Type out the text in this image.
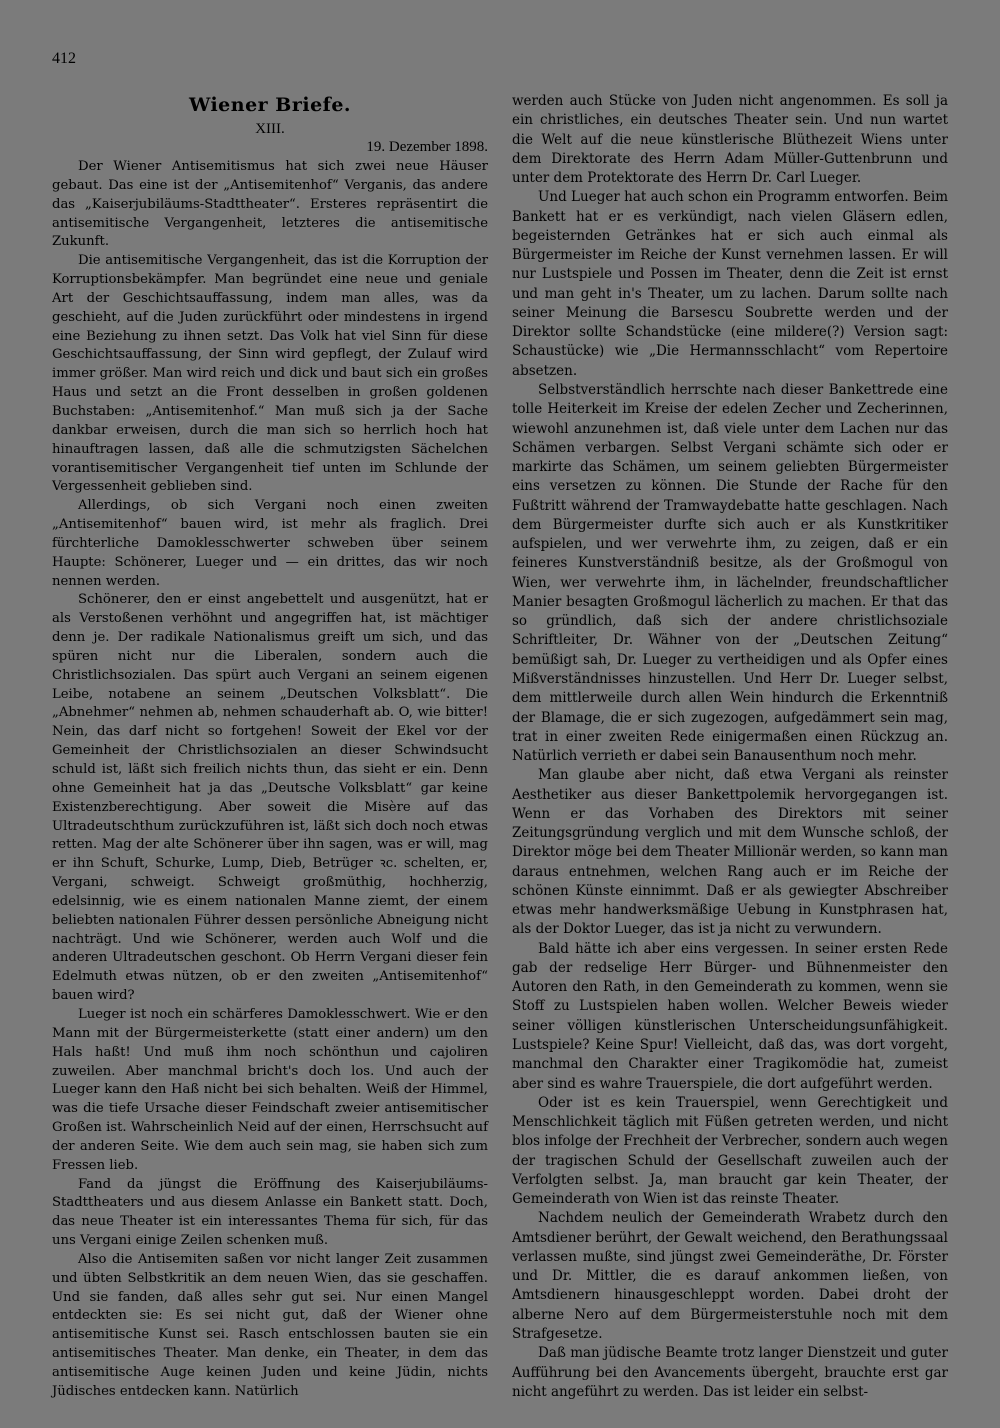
412
Wiener Briefe.
XIII.
19. Dezember 1898.

Der Wiener Antisemitismus hat sich zwei neue Häuser gebaut. Das eine ist der „Antisemitenhof“ Verganis, das andere das „Kaiserjubiläums-Stadttheater“. Ersteres repräsentirt die antisemitische Vergangenheit, letzteres die antisemitische Zukunft.

Die antisemitische Vergangenheit, das ist die Korruption der Korruptionsbekämpfer. Man begründet eine neue und geniale Art der Geschichtsauffassung, indem man alles, was da geschieht, auf die Juden zurückführt oder mindestens in irgend eine Beziehung zu ihnen setzt. Das Volk hat viel Sinn für diese Geschichtsauffassung, der Sinn wird gepflegt, der Zulauf wird immer größer. Man wird reich und dick und baut sich ein großes Haus und setzt an die Front desselben in großen goldenen Buchstaben: „Antisemitenhof.“ Man muß sich ja der Sache dankbar erweisen, durch die man sich so herrlich hoch hat hinauftragen lassen, daß alle die schmutzigsten Sächelchen vorantisemitischer Vergangenheit tief unten im Schlunde der Vergessenheit geblieben sind.

Allerdings, ob sich Vergani noch einen zweiten „Antisemitenhof“ bauen wird, ist mehr als fraglich. Drei fürchterliche Damoklesschwerter schweben über seinem Haupte: Schönerer, Lueger und — ein drittes, das wir noch nennen werden.

Schönerer, den er einst angebettelt und ausgenützt, hat er als Verstoßenen verhöhnt und angegriffen hat, ist mächtiger denn je. Der radikale Nationalismus greift um sich, und das spüren nicht nur die Liberalen, sondern auch die Christlichsozialen. Das spürt auch Vergani an seinem eigenen Leibe, notabene an seinem „Deutschen Volksblatt“. Die „Abnehmer“ nehmen ab, nehmen schauderhaft ab. O, wie bitter! Nein, das darf nicht so fortgehen! Soweit der Ekel vor der Gemeinheit der Christlichsozialen an dieser Schwindsucht schuld ist, läßt sich freilich nichts thun, das sieht er ein. Denn ohne Gemeinheit hat ja das „Deutsche Volksblatt“ gar keine Existenzberechtigung. Aber soweit die Misère auf das Ultradeutschthum zurückzuführen ist, läßt sich doch noch etwas retten. Mag der alte Schönerer über ihn sagen, was er will, mag er ihn Schuft, Schurke, Lump, Dieb, Betrüger ꝛc. schelten, er, Vergani, schweigt. Schweigt großmüthig, hochherzig, edelsinnig, wie es einem nationalen Manne ziemt, der einem beliebten nationalen Führer dessen persönliche Abneigung nicht nachträgt. Und wie Schönerer, werden auch Wolf und die anderen Ultradeutschen geschont. Ob Herrn Vergani dieser fein Edelmuth etwas nützen, ob er den zweiten „Antisemitenhof“ bauen wird?

Lueger ist noch ein schärferes Damoklesschwert. Wie er den Mann mit der Bürgermeisterkette (statt einer andern) um den Hals haßt! Und muß ihm noch schönthun und cajoliren zuweilen. Aber manchmal bricht's doch los. Und auch der Lueger kann den Haß nicht bei sich behalten. Weiß der Himmel, was die tiefe Ursache dieser Feindschaft zweier antisemitischer Großen ist. Wahrscheinlich Neid auf der einen, Herrschsucht auf der anderen Seite. Wie dem auch sein mag, sie haben sich zum Fressen lieb.

Fand da jüngst die Eröffnung des Kaiserjubiläums-Stadttheaters und aus diesem Anlasse ein Bankett statt. Doch, das neue Theater ist ein interessantes Thema für sich, für das uns Vergani einige Zeilen schenken muß.

Also die Antisemiten saßen vor nicht langer Zeit zusammen und übten Selbstkritik an dem neuen Wien, das sie geschaffen. Und sie fanden, daß alles sehr gut sei. Nur einen Mangel entdeckten sie: Es sei nicht gut, daß der Wiener ohne antisemitische Kunst sei. Rasch entschlossen bauten sie ein antisemitisches Theater. Man denke, ein Theater, in dem das antisemitische Auge keinen Juden und keine Jüdin, nichts Jüdisches entdecken kann. Natürlich

werden auch Stücke von Juden nicht angenommen. Es soll ja ein christliches, ein deutsches Theater sein. Und nun wartet die Welt auf die neue künstlerische Blüthezeit Wiens unter dem Direktorate des Herrn Adam Müller-Guttenbrunn und unter dem Protektorate des Herrn Dr. Carl Lueger.

Und Lueger hat auch schon ein Programm entworfen. Beim Bankett hat er es verkündigt, nach vielen Gläsern edlen, begeisternden Getränkes hat er sich auch einmal als Bürgermeister im Reiche der Kunst vernehmen lassen. Er will nur Lustspiele und Possen im Theater, denn die Zeit ist ernst und man geht in's Theater, um zu lachen. Darum sollte nach seiner Meinung die Barsescu Soubrette werden und der Direktor sollte Schandstücke (eine mildere(?) Version sagt: Schaustücke) wie „Die Hermannsschlacht“ vom Repertoire absetzen.

Selbstverständlich herrschte nach dieser Bankettrede eine tolle Heiterkeit im Kreise der edelen Zecher und Zecherinnen, wiewohl anzunehmen ist, daß viele unter dem Lachen nur das Schämen verbargen. Selbst Vergani schämte sich oder er markirte das Schämen, um seinem geliebten Bürgermeister eins versetzen zu können. Die Stunde der Rache für den Fußtritt während der Tramwaydebatte hatte geschlagen. Nach dem Bürgermeister durfte sich auch er als Kunstkritiker aufspielen, und wer verwehrte ihm, zu zeigen, daß er ein feineres Kunstverständniß besitze, als der Großmogul von Wien, wer verwehrte ihm, in lächelnder, freundschaftlicher Manier besagten Großmogul lächerlich zu machen. Er that das so gründlich, daß sich der andere christlichsoziale Schriftleiter, Dr. Wähner von der „Deutschen Zeitung“ bemüßigt sah, Dr. Lueger zu vertheidigen und als Opfer eines Mißverständnisses hinzustellen. Und Herr Dr. Lueger selbst, dem mittlerweile durch allen Wein hindurch die Erkenntniß der Blamage, die er sich zugezogen, aufgedämmert sein mag, trat in einer zweiten Rede einigermaßen einen Rückzug an. Natürlich verrieth er dabei sein Banausenthum noch mehr.

Man glaube aber nicht, daß etwa Vergani als reinster Aesthetiker aus dieser Bankettpolemik hervorgegangen ist. Wenn er das Vorhaben des Direktors mit seiner Zeitungsgründung verglich und mit dem Wunsche schloß, der Direktor möge bei dem Theater Millionär werden, so kann man daraus entnehmen, welchen Rang auch er im Reiche der schönen Künste einnimmt. Daß er als gewiegter Abschreiber etwas mehr handwerksmäßige Uebung in Kunstphrasen hat, als der Doktor Lueger, das ist ja nicht zu verwundern.

Bald hätte ich aber eins vergessen. In seiner ersten Rede gab der redselige Herr Bürger- und Bühnenmeister den Autoren den Rath, in den Gemeinderath zu kommen, wenn sie Stoff zu Lustspielen haben wollen. Welcher Beweis wieder seiner völligen künstlerischen Unterscheidungsunfähigkeit. Lustspiele? Keine Spur! Vielleicht, daß das, was dort vorgeht, manchmal den Charakter einer Tragikomödie hat, zumeist aber sind es wahre Trauerspiele, die dort aufgeführt werden.

Oder ist es kein Trauerspiel, wenn Gerechtigkeit und Menschlichkeit täglich mit Füßen getreten werden, und nicht blos infolge der Frechheit der Verbrecher, sondern auch wegen der tragischen Schuld der Gesellschaft zuweilen auch der Verfolgten selbst. Ja, man braucht gar kein Theater, der Gemeinderath von Wien ist das reinste Theater.

Nachdem neulich der Gemeinderath Wrabetz durch den Amtsdiener berührt, der Gewalt weichend, den Berathungssaal verlassen mußte, sind jüngst zwei Gemeinderäthe, Dr. Förster und Dr. Mittler, die es darauf ankommen ließen, von Amtsdienern hinausgeschleppt worden. Dabei droht der alberne Nero auf dem Bürgermeisterstuhle noch mit dem Strafgesetze.

Daß man jüdische Beamte trotz langer Dienstzeit und guter Aufführung bei den Avancements übergeht, brauchte erst gar nicht angeführt zu werden. Das ist leider ein selbst-
